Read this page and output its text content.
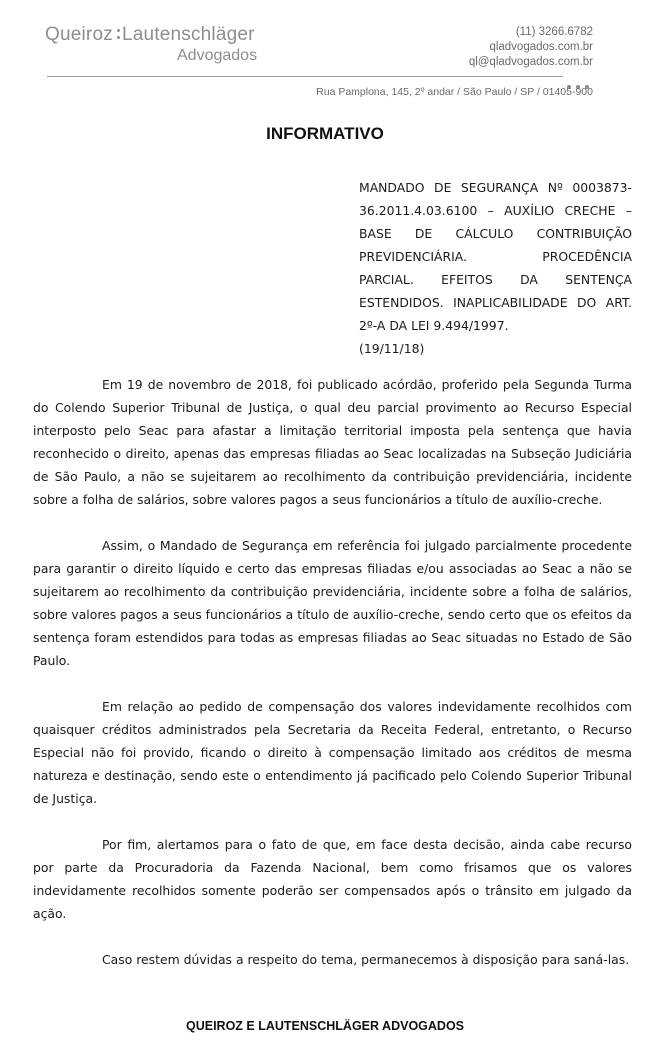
Queiroz Lautenschläger
Advogados
(11) 3266.6782
qladvogados.com.br
ql@qladvogados.com.br
Rua Pamplona, 145, 2º andar / São Paulo / SP / 01405-900
INFORMATIVO
MANDADO DE SEGURANÇA Nº 0003873-
36.2011.4.03.6100 – AUXÍLIO CRECHE –
BASE DE CÁLCULO CONTRIBUIÇÃO
PREVIDENCIÁRIA. PROCEDÊNCIA
PARCIAL. EFEITOS DA SENTENÇA
ESTENDIDOS. INAPLICABILIDADE DO ART.
2º-A DA LEI 9.494/1997.
(19/11/18)

Em 19 de novembro de 2018, foi publicado acórdão, proferido pela Segunda Turma do Colendo Superior Tribunal de Justiça, o qual deu parcial provimento ao Recurso Especial interposto pelo Seac para afastar a limitação territorial imposta pela sentença que havia reconhecido o direito, apenas das empresas filiadas ao Seac localizadas na Subseção Judiciária de São Paulo, a não se sujeitarem ao recolhimento da contribuição previdenciária, incidente sobre a folha de salários, sobre valores pagos a seus funcionários a título de auxílio-creche.

Assim, o Mandado de Segurança em referência foi julgado parcialmente procedente para garantir o direito líquido e certo das empresas filiadas e/ou associadas ao Seac a não se sujeitarem ao recolhimento da contribuição previdenciária, incidente sobre a folha de salários, sobre valores pagos a seus funcionários a título de auxílio-creche, sendo certo que os efeitos da sentença foram estendidos para todas as empresas filiadas ao Seac situadas no Estado de São Paulo.

Em relação ao pedido de compensação dos valores indevidamente recolhidos com quaisquer créditos administrados pela Secretaria da Receita Federal, entretanto, o Recurso Especial não foi provido, ficando o direito à compensação limitado aos créditos de mesma natureza e destinação, sendo este o entendimento já pacificado pelo Colendo Superior Tribunal de Justiça.

Por fim, alertamos para o fato de que, em face desta decisão, ainda cabe recurso por parte da Procuradoria da Fazenda Nacional, bem como frisamos que os valores indevidamente recolhidos somente poderão ser compensados após o trânsito em julgado da ação.

Caso restem dúvidas a respeito do tema, permanecemos à disposição para saná-las.

QUEIROZ E LAUTENSCHLÄGER ADVOGADOS
